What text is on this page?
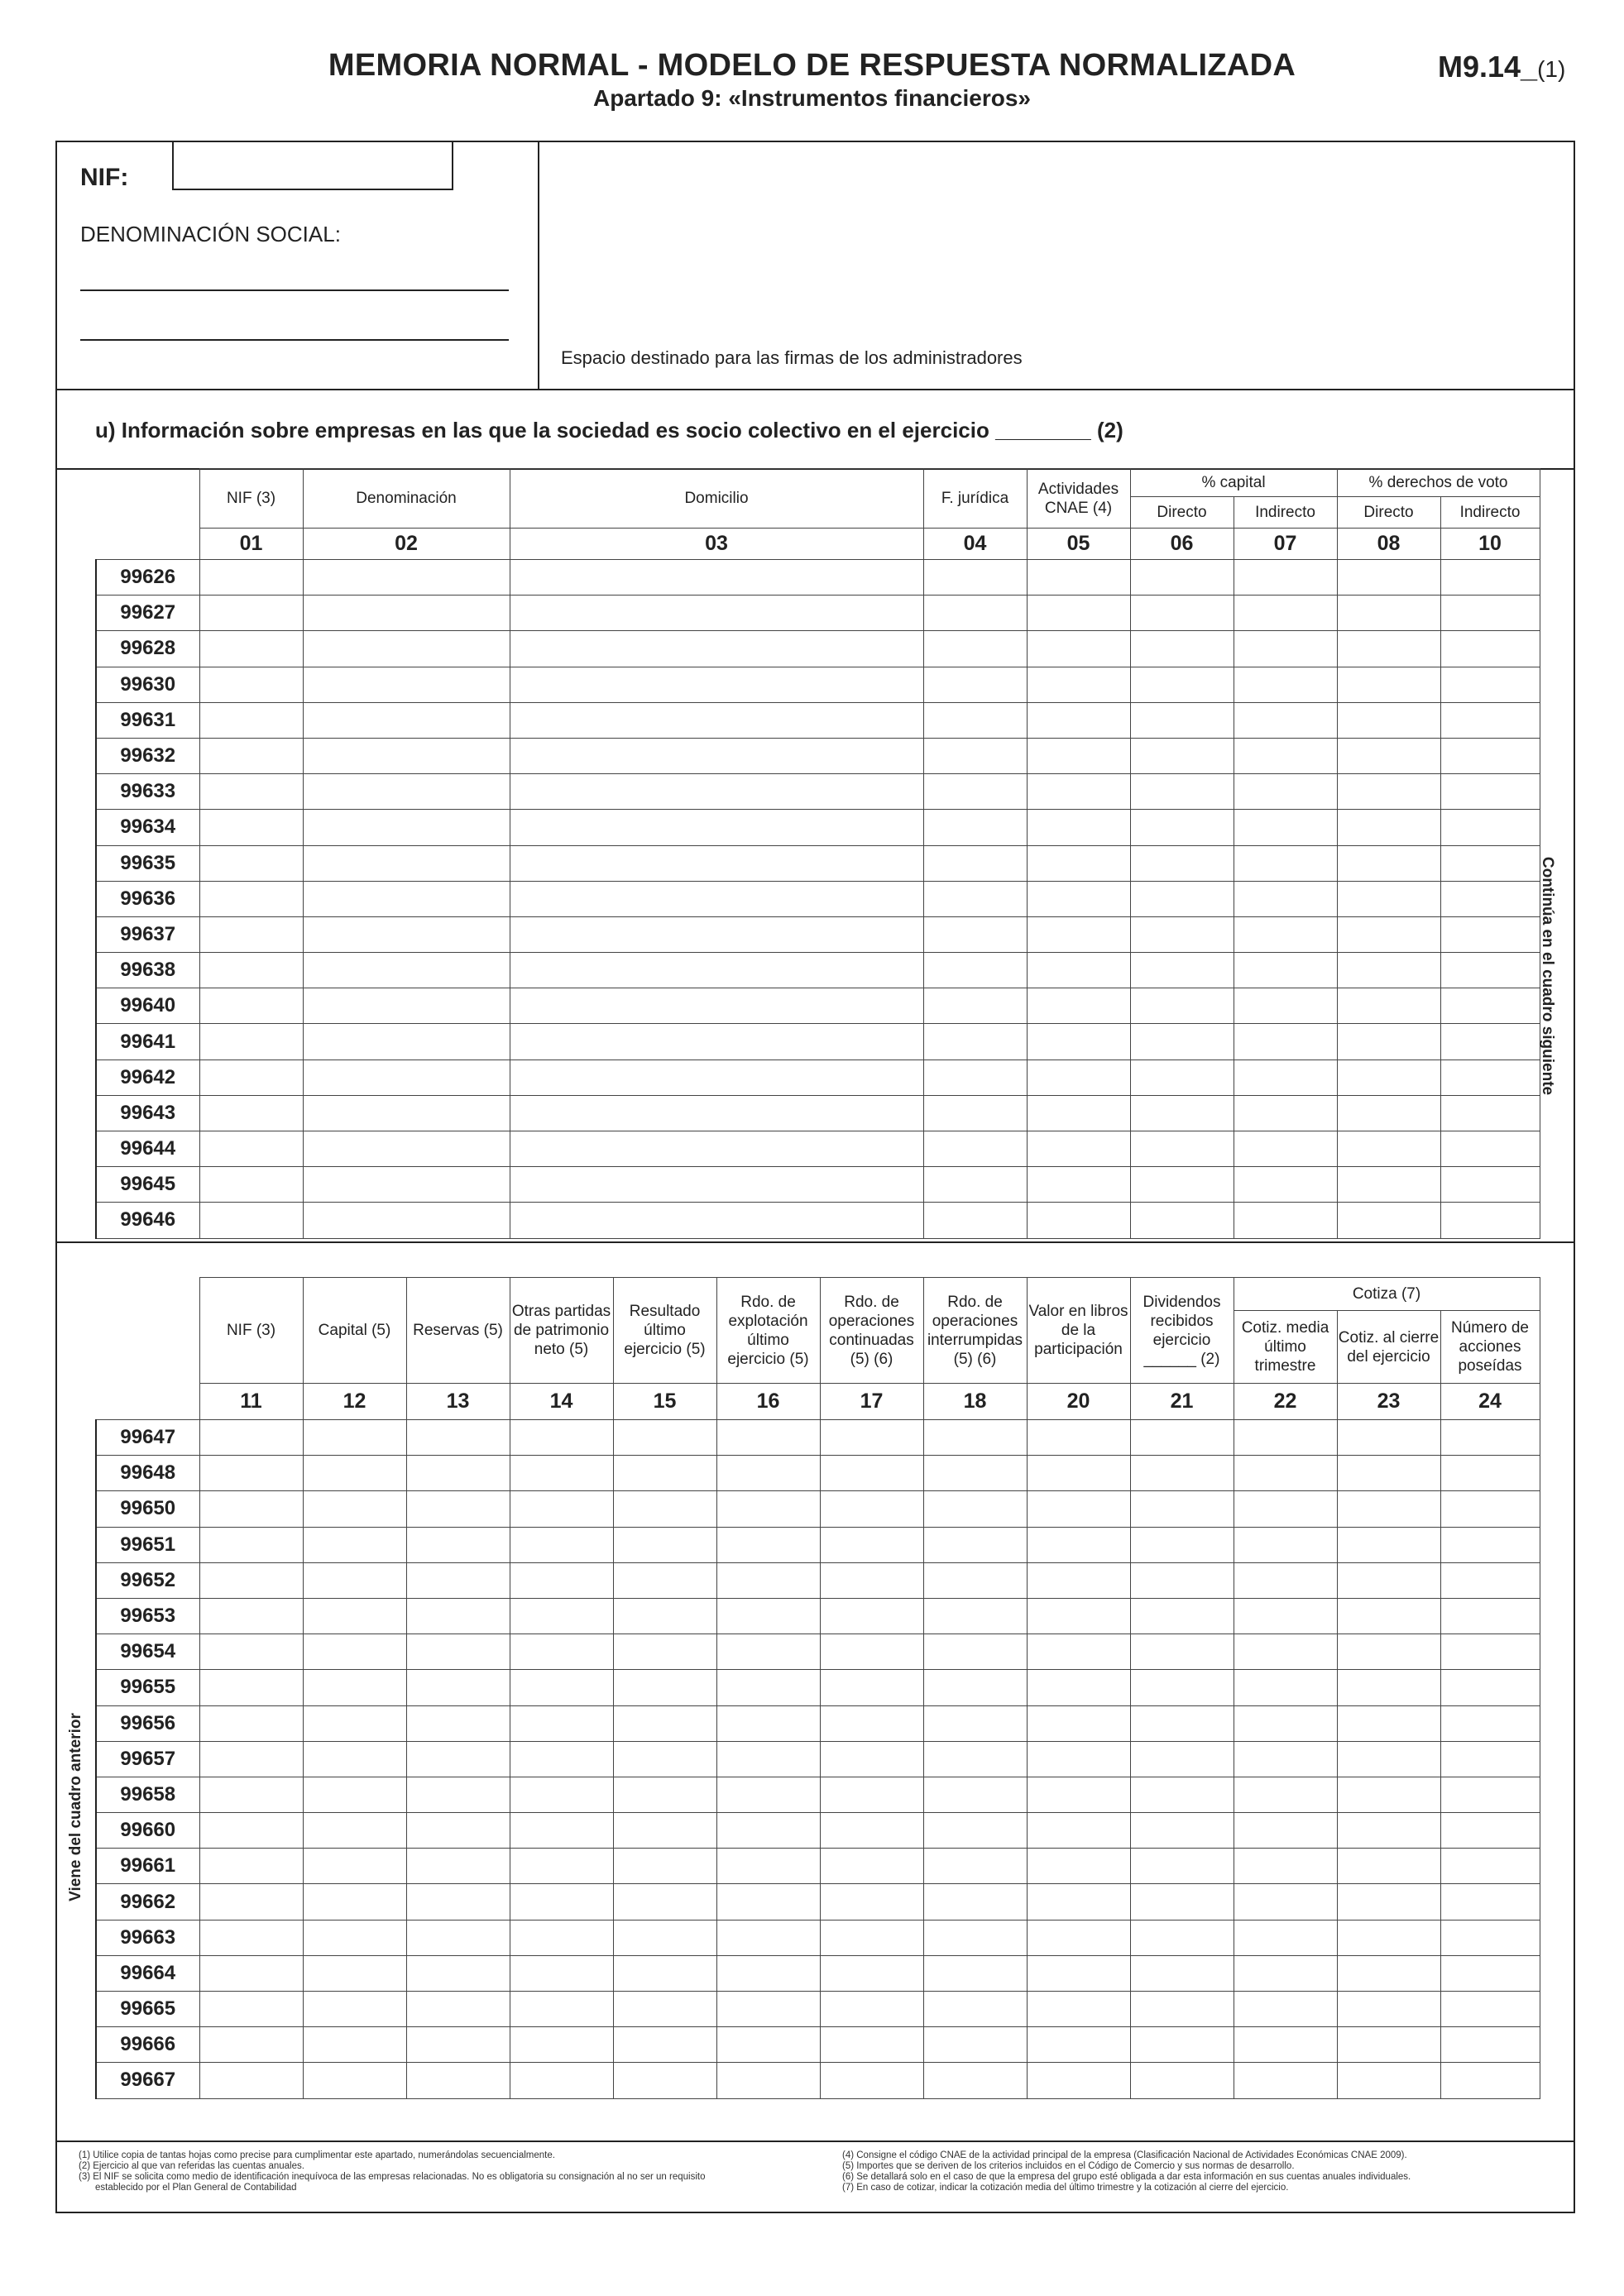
MEMORIA NORMAL - MODELO DE RESPUESTA NORMALIZADA
Apartado 9: «Instrumentos financieros»
M9.14_(1)
NIF:
DENOMINACIÓN SOCIAL:
Espacio destinado para las firmas de los administradores
u) Información sobre empresas en las que la sociedad es socio colectivo en el ejercicio ________ (2)
	NIF (3)	Denominación	Domicilio	F. jurídica	Actividades CNAE (4)	% capital		% derechos de voto	
						Directo	Indirecto	Directo	Indirecto
	01	02	03	04	05	06	07	08	10
99626									
99627									
99628									
99630									
99631									
99632									
99633									
99634									
99635									
99636									
99637									
99638									
99640									
99641									
99642									
99643									
99644									
99645									
99646									
Continúa en el cuadro siguiente
	NIF (3)	Capital (5)	Reservas (5)	Otras partidas de patrimonio neto (5)	Resultado último ejercicio (5)	Rdo. de explotación último ejercicio (5)	Rdo. de operaciones continuadas (5) (6)	Rdo. de operaciones interrumpidas (5) (6)	Valor en libros de la participación	Dividendos recibidos ejercicio ______ (2)	Cotiza (7)		
											Cotiz. media último trimestre	Cotiz. al cierre del ejercicio	Número de acciones poseídas
	11	12	13	14	15	16	17	18	20	21	22	23	24
99647													
99648													
99650													
99651													
99652													
99653													
99654													
99655													
99656													
99657													
99658													
99660													
99661													
99662													
99663													
99664													
99665													
99666													
99667													
Viene del cuadro anterior
(1) Utilice copia de tantas hojas como precise para cumplimentar este apartado, numerándolas secuencialmente.
(2) Ejercicio al que van referidas las cuentas anuales.
(3) El NIF se solicita como medio de identificación inequívoca de las empresas relacionadas. No es obligatoria su consignación al no ser un requisito
establecido por el Plan General de Contabilidad
(4) Consigne el código CNAE de la actividad principal de la empresa (Clasificación Nacional de Actividades Económicas CNAE 2009).
(5) Importes que se deriven de los criterios incluidos en el Código de Comercio y sus normas de desarrollo.
(6) Se detallará solo en el caso de que la empresa del grupo esté obligada a dar esta información en sus cuentas anuales individuales.
(7) En caso de cotizar, indicar la cotización media del último trimestre y la cotización al cierre del ejercicio.
